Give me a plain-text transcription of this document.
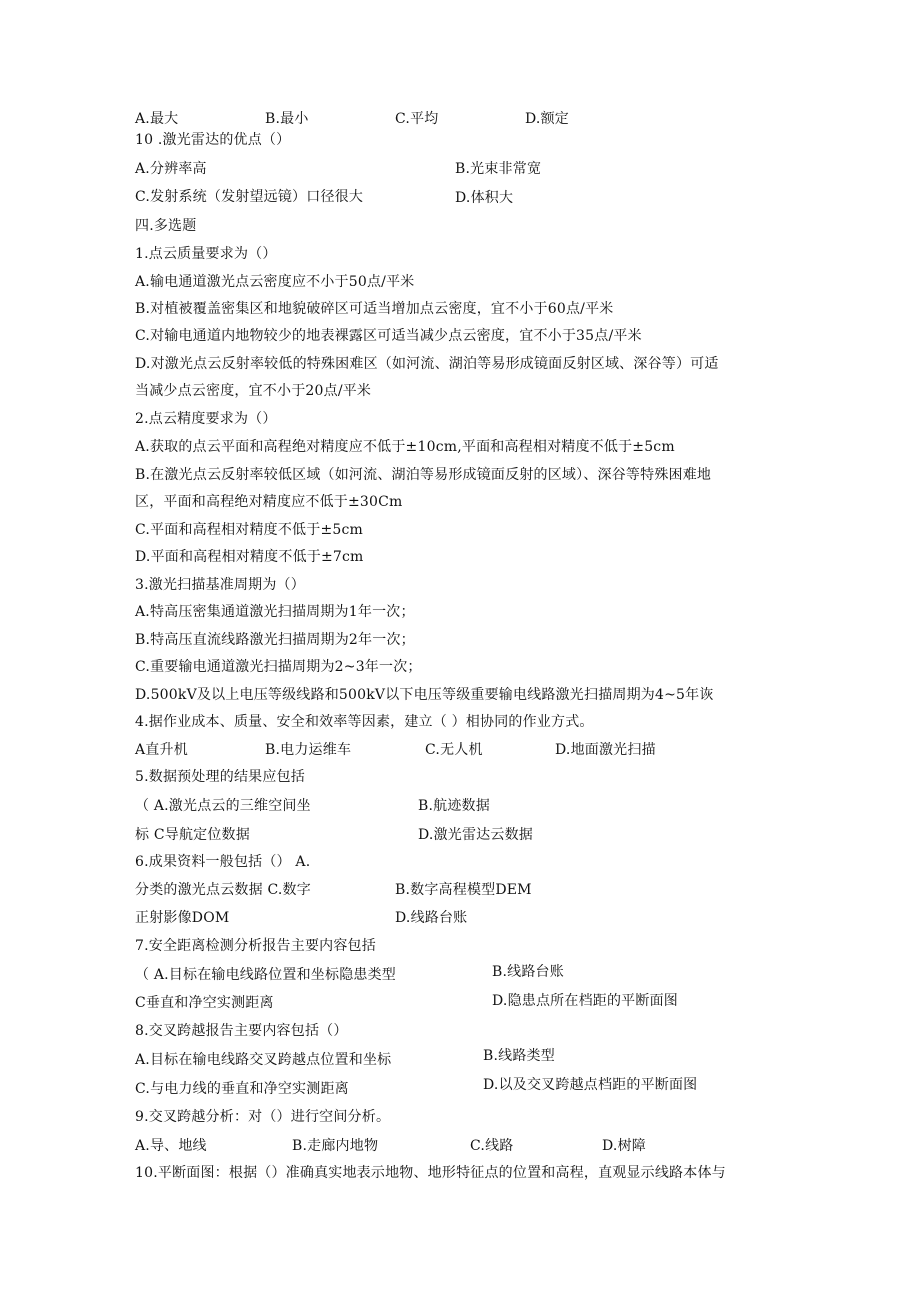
A.最大	B.最小	C.平均	D.额定
10 .激光雷达的优点（）
A.分辨率高	B.光束非常宽
C.发射系统（发射望远镜）口径很大	D.体积大
四.多选题
1.点云质量要求为（）
A.输电通道激光点云密度应不小于50点/平米
B.对植被覆盖密集区和地貌破碎区可适当增加点云密度，宜不小于60点/平米
C.对输电通道内地物较少的地表裸露区可适当减少点云密度，宜不小于35点/平米
D.对激光点云反射率较低的特殊困难区（如河流、湖泊等易形成镜面反射区域、深谷等）可适
当减少点云密度，宜不小于20点/平米
2.点云精度要求为（）
A.获取的点云平面和高程绝对精度应不低于±10cm,平面和高程相对精度不低于±5cm
B.在激光点云反射率较低区域（如河流、湖泊等易形成镜面反射的区域）、深谷等特殊困难地
区，平面和高程绝对精度应不低于±30Cm
C.平面和高程相对精度不低于±5cm
D.平面和高程相对精度不低于±7cm
3.激光扫描基准周期为（）
A.特高压密集通道激光扫描周期为1年一次；
B.特高压直流线路激光扫描周期为2年一次；
C.重要输电通道激光扫描周期为2~3年一次；
D.500kV及以上电压等级线路和500kV以下电压等级重要输电线路激光扫描周期为4~5年诙
4.据作业成本、质量、安全和效率等因素，建立（ ）相协同的作业方式。
A直升机	B.电力运维车	C.无人机	D.地面激光扫描
5.数据预处理的结果应包括
（ A.激光点云的三维空间坐	B.航迹数据
标 C导航定位数据	D.激光雷达云数据
6.成果资料一般包括（） A.
分类的激光点云数据 C.数字	B.数字高程模型DEM
正射影像DOM	D.线路台账
7.安全距离检测分析报告主要内容包括
（ A.目标在输电线路位置和坐标隐患类型	B.线路台账
C垂直和净空实测距离	D.隐患点所在档距的平断面图
8.交叉跨越报告主要内容包括（）
A.目标在输电线路交叉跨越点位置和坐标	B.线路类型
C.与电力线的垂直和净空实测距离	D.以及交叉跨越点档距的平断面图
9.交叉跨越分析：对（）进行空间分析。
A.导、地线	B.走廊内地物	C.线路	D.树障
10.平断面图：根据（）准确真实地表示地物、地形特征点的位置和高程，直观显示线路本体与
